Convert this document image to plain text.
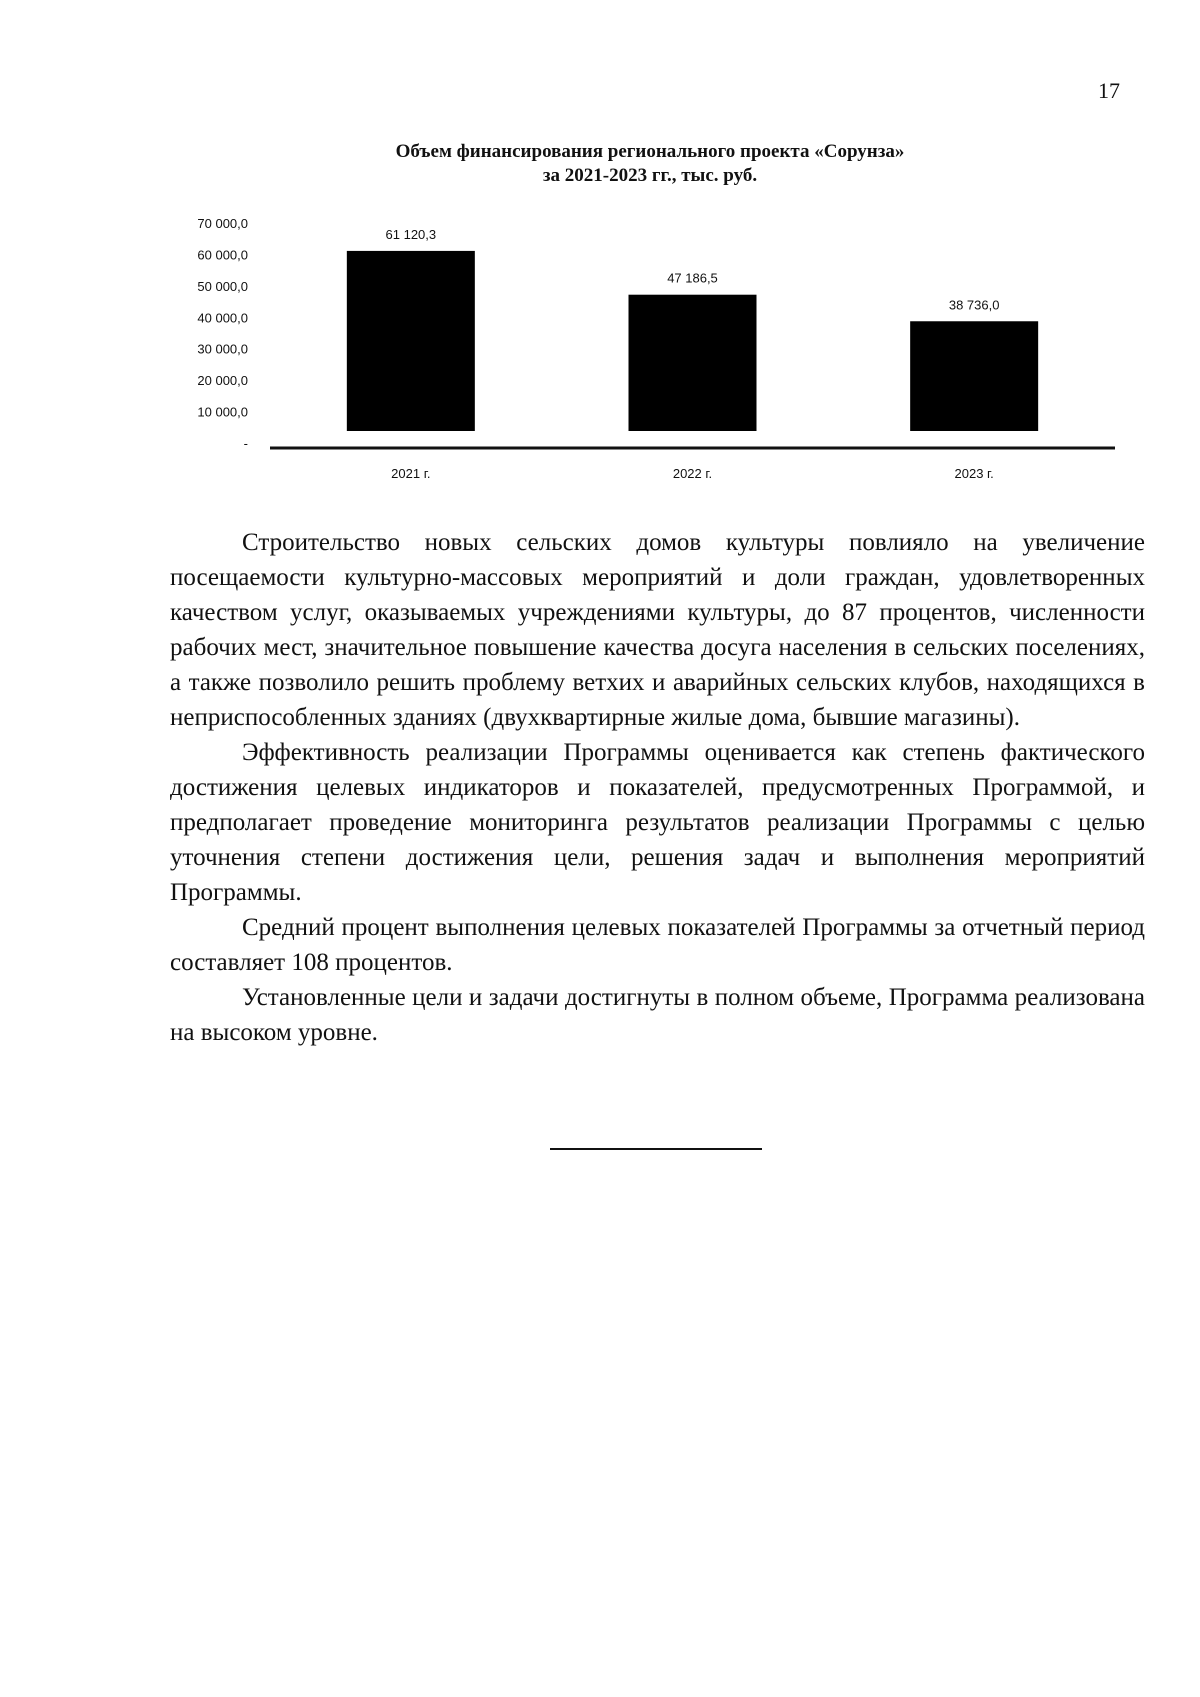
17
-
10 000,0
20 000,0
30 000,0
40 000,0
50 000,0
60 000,0
70 000,0
61 120,3
2021 г.
47 186,5
2022 г.
38 736,0
2023 г.
Объем финансирования регионального проекта «Сорунза»
за 2021-2023 гг., тыс. руб.

Строительство новых сельских домов культуры повлияло на увеличение посещаемости культурно-массовых мероприятий и доли граждан, удовлетворенных качеством услуг, оказываемых учреждениями культуры, до 87 процентов, численности рабочих мест, значительное повышение качества досуга населения в сельских поселениях, а также позволило решить проблему ветхих и аварийных сельских клубов, находящихся в неприспособленных зданиях (двухквартирные жилые дома, бывшие магазины).

Эффективность реализации Программы оценивается как степень фактического достижения целевых индикаторов и показателей, предусмотренных Программой, и предполагает проведение мониторинга результатов реализации Программы с целью уточнения степени достижения цели, решения задач и выполнения мероприятий Программы.

Средний процент выполнения целевых показателей Программы за отчетный период составляет 108 процентов.

Установленные цели и задачи достигнуты в полном объеме, Программа реализована на высоком уровне.
